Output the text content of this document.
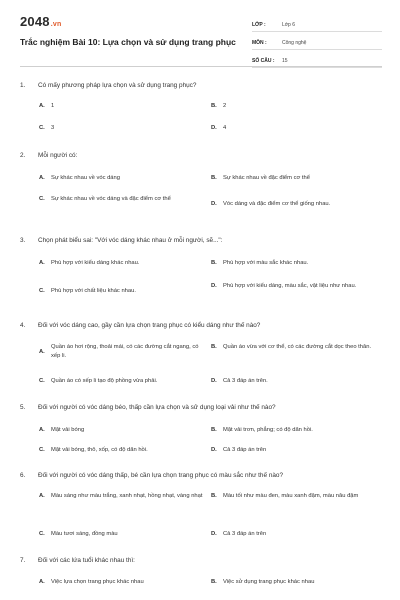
2048.vn
Trắc nghiệm Bài 10: Lựa chọn và sử dụng trang phục
LỚP :	Lớp 6
MÔN :	Công nghệ
SỐ CÂU :	15
1. Có mấy phương pháp lựa chọn và sử dụng trang phục?
A.	1	B.	2
C.	3	D.	4
2. Mỗi người có:
A.	Sự khác nhau về vóc dáng	B.	Sự khác nhau về đặc điểm cơ thể
C.	Sự khác nhau về vóc dáng và đặc điểm cơ thể
D.	Vóc dáng và đặc điểm cơ thể giống nhau.
3. Chọn phát biểu sai: "Với vóc dáng khác nhau ở mỗi người, sẽ...":
A.	Phù hợp với kiểu dáng khác nhau.	B.	Phù hợp với màu sắc khác nhau.
C.	Phù hợp với chất liệu khác nhau.
D.	Phù hợp với kiểu dáng, màu sắc, vật liệu như nhau.
4. Đối với vóc dáng cao, gầy cần lựa chọn trang phục có kiểu dáng như thế nào?
A.
Quần áo hơi rộng, thoải mái, có các đường cắt ngang, có xếp li.
B.	Quần áo vừa với cơ thể, có các đường cắt dọc theo thân.
C.	Quần áo có xếp li tạo độ phồng vừa phải.	D.	Cả 3 đáp án trên.
5. Đối với người có vóc dáng béo, thấp cần lựa chọn và sử dụng loại vải như thế nào?
A.	Mặt vải bóng	B.	Mặt vải trơn, phẳng; có độ dãn hồi.
C.	Mặt vải bóng, thô, xốp, có độ dãn hồi.	D.	Cả 3 đáp án trên
6. Đối với người có vóc dáng thấp, bé cần lựa chọn trang phục có màu sắc như thế nào?
A.	Màu sáng như màu trắng, xanh nhạt, hồng nhạt, vàng nhạt	B.	Màu tối như màu đen, màu xanh đậm, màu nâu đậm
C.	Màu tươi sáng, đồng màu	D.	Cả 3 đáp án trên
7. Đối với các lứa tuổi khác nhau thì:
A.	Việc lựa chọn trang phục khác nhau	B.	Việc sử dụng trang phục khác nhau
